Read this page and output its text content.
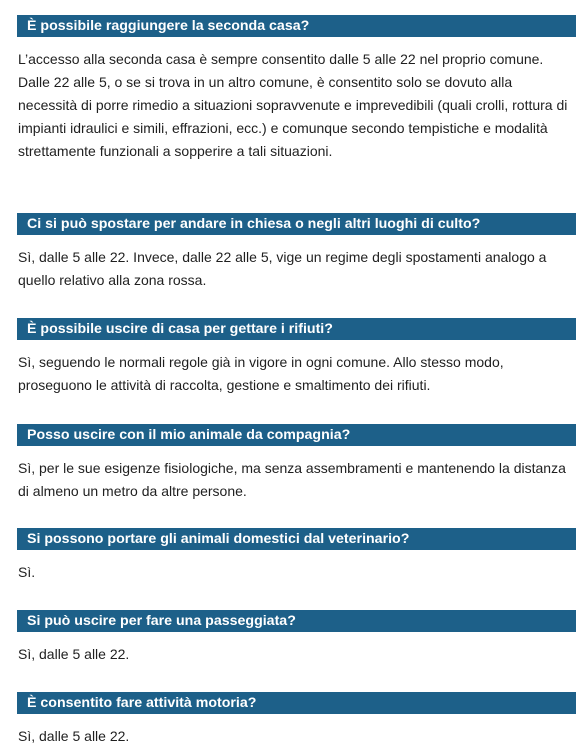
È possibile raggiungere la seconda casa?
L’accesso alla seconda casa è sempre consentito dalle 5 alle 22 nel proprio comune. Dalle 22 alle 5, o se si trova in un altro comune, è consentito solo se dovuto alla necessità di porre rimedio a situazioni sopravvenute e imprevedibili (quali crolli, rottura di impianti idraulici e simili, effrazioni, ecc.) e comunque secondo tempistiche e modalità strettamente funzionali a sopperire a tali situazioni.
Ci si può spostare per andare in chiesa o negli altri luoghi di culto?
Sì, dalle 5 alle 22. Invece, dalle 22 alle 5, vige un regime degli spostamenti analogo a quello relativo alla zona rossa.
È possibile uscire di casa per gettare i rifiuti?
Sì, seguendo le normali regole già in vigore in ogni comune. Allo stesso modo, proseguono le attività di raccolta, gestione e smaltimento dei rifiuti.
Posso uscire con il mio animale da compagnia?
Sì, per le sue esigenze fisiologiche, ma senza assembramenti e mantenendo la distanza di almeno un metro da altre persone.
Si possono portare gli animali domestici dal veterinario?
Sì.
Si può uscire per fare una passeggiata?
Sì, dalle 5 alle 22.
È consentito fare attività motoria?
Sì, dalle 5 alle 22.
